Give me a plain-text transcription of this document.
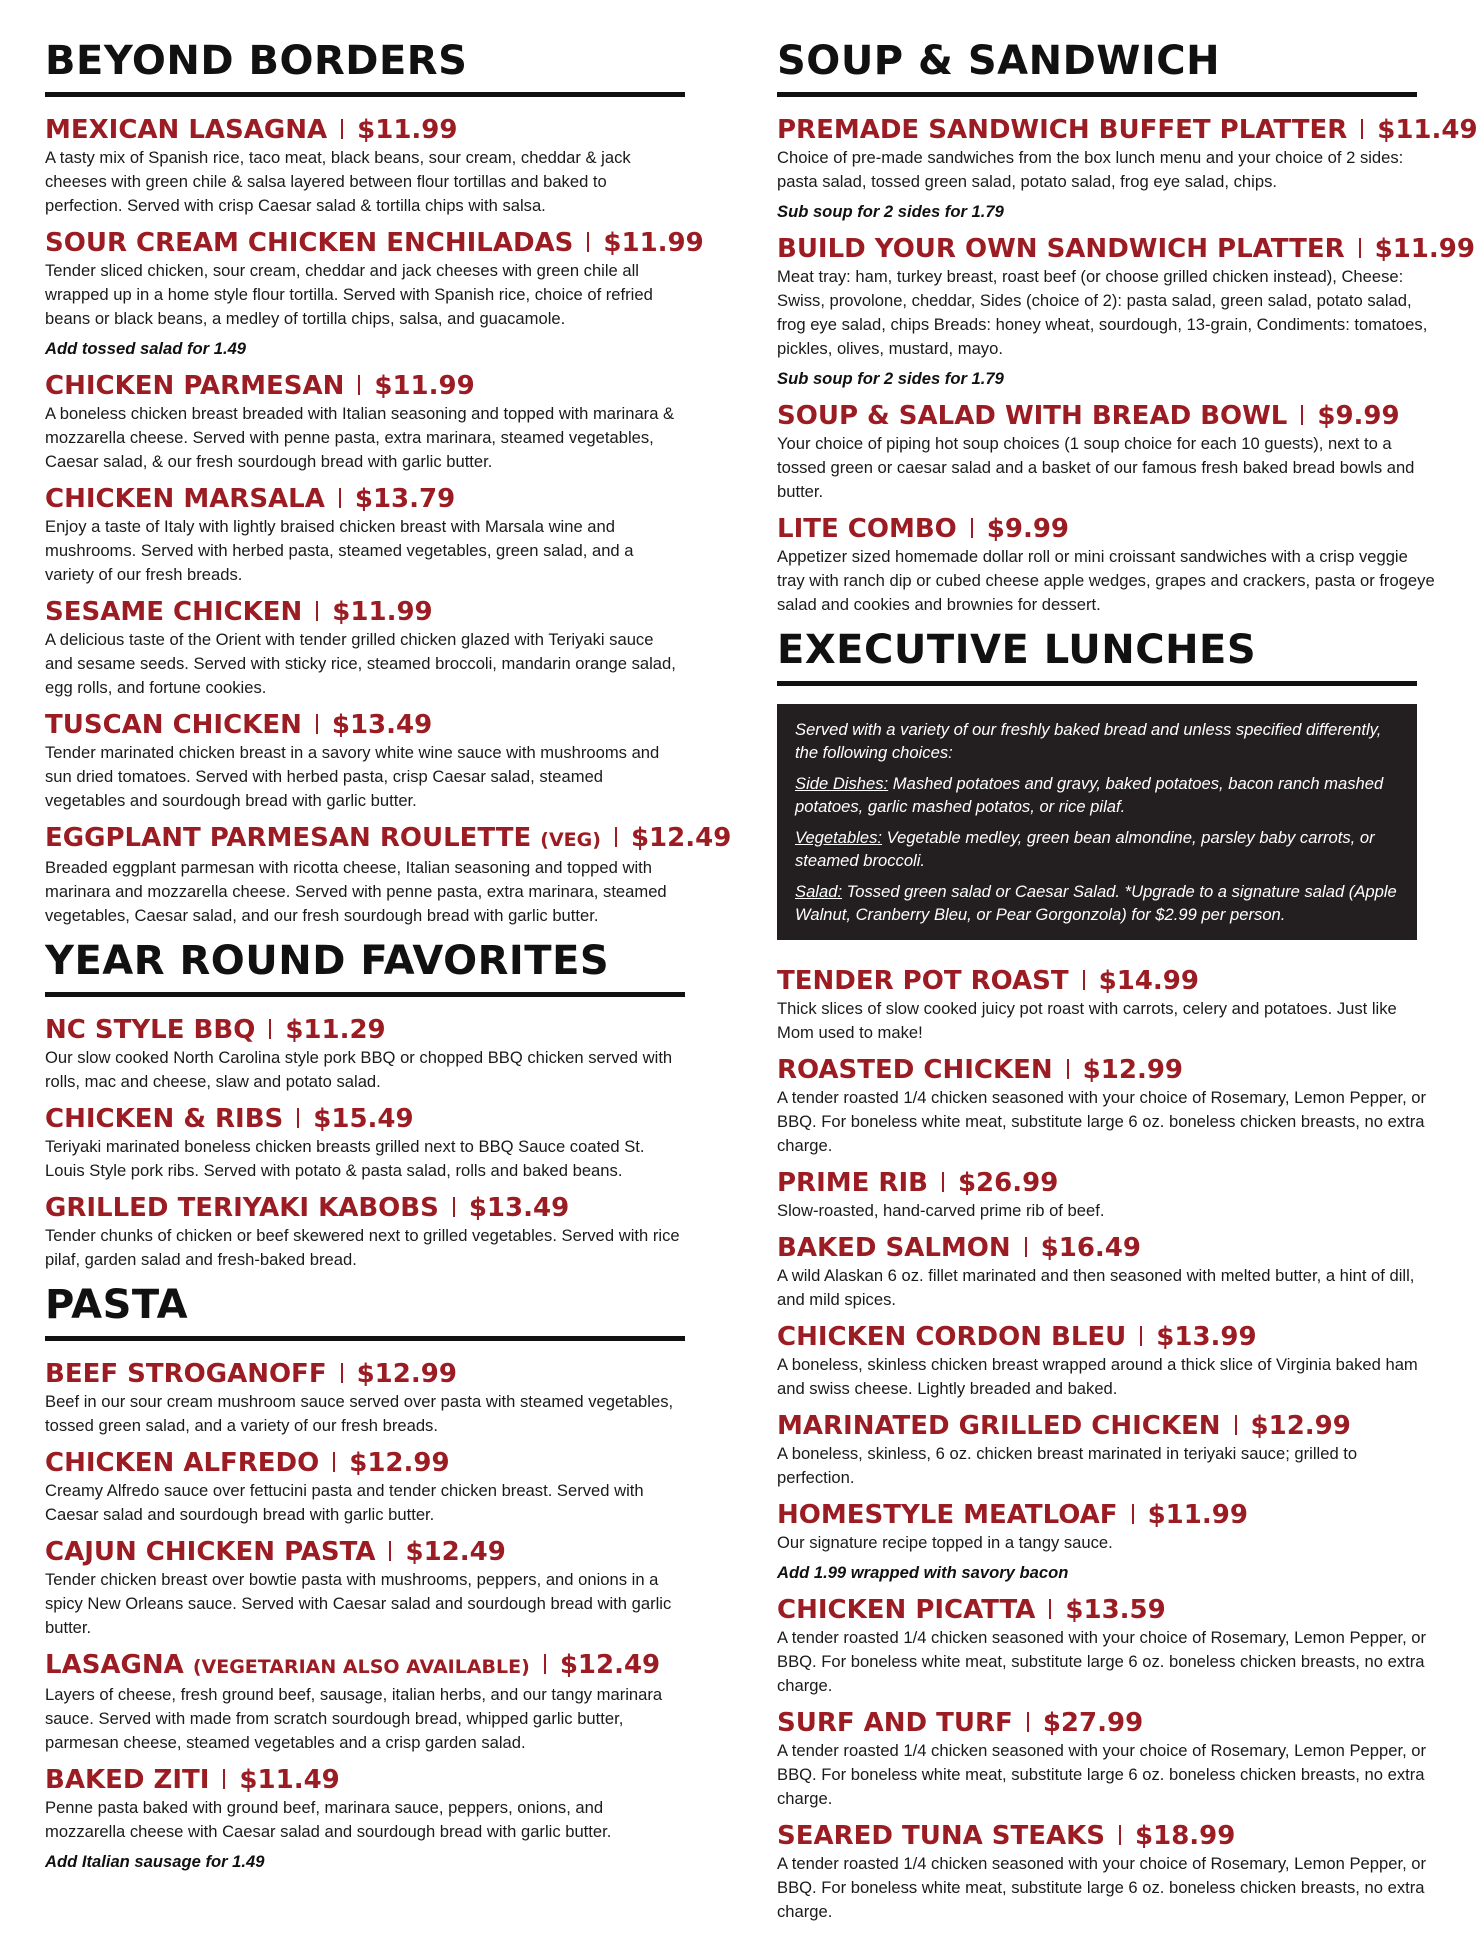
BEYOND BORDERS
MEXICAN LASAGNA $11.99
A tasty mix of Spanish rice, taco meat, black beans, sour cream, cheddar & jack cheeses with green chile & salsa layered between flour tortillas and baked to perfection. Served with crisp Caesar salad & tortilla chips with salsa.
SOUR CREAM CHICKEN ENCHILADAS $11.99
Tender sliced chicken, sour cream, cheddar and jack cheeses with green chile all wrapped up in a home style flour tortilla. Served with Spanish rice, choice of refried beans or black beans, a medley of tortilla chips, salsa, and guacamole.
Add tossed salad for 1.49
CHICKEN PARMESAN $11.99
A boneless chicken breast breaded with Italian seasoning and topped with marinara & mozzarella cheese. Served with penne pasta, extra marinara, steamed vegetables, Caesar salad, & our fresh sourdough bread with garlic butter.
CHICKEN MARSALA $13.79
Enjoy a taste of Italy with lightly braised chicken breast with Marsala wine and mushrooms. Served with herbed pasta, steamed vegetables, green salad, and a variety of our fresh breads.
SESAME CHICKEN $11.99
A delicious taste of the Orient with tender grilled chicken glazed with Teriyaki sauce and sesame seeds. Served with sticky rice, steamed broccoli, mandarin orange salad, egg rolls, and fortune cookies.
TUSCAN CHICKEN $13.49
Tender marinated chicken breast in a savory white wine sauce with mushrooms and sun dried tomatoes. Served with herbed pasta, crisp Caesar salad, steamed vegetables and sourdough bread with garlic butter.
EGGPLANT PARMESAN ROULETTE (VEG) $12.49
Breaded eggplant parmesan with ricotta cheese, Italian seasoning and topped with marinara and mozzarella cheese. Served with penne pasta, extra marinara, steamed vegetables, Caesar salad, and our fresh sourdough bread with garlic butter.
YEAR ROUND FAVORITES
NC STYLE BBQ $11.29
Our slow cooked North Carolina style pork BBQ or chopped BBQ chicken served with rolls, mac and cheese, slaw and potato salad.
CHICKEN & RIBS $15.49
Teriyaki marinated boneless chicken breasts grilled next to BBQ Sauce coated St. Louis Style pork ribs. Served with potato & pasta salad, rolls and baked beans.
GRILLED TERIYAKI KABOBS $13.49
Tender chunks of chicken or beef skewered next to grilled vegetables. Served with rice pilaf, garden salad and fresh-baked bread.
PASTA
BEEF STROGANOFF $12.99
Beef in our sour cream mushroom sauce served over pasta with steamed vegetables, tossed green salad, and a variety of our fresh breads.
CHICKEN ALFREDO $12.99
Creamy Alfredo sauce over fettucini pasta and tender chicken breast. Served with Caesar salad and sourdough bread with garlic butter.
CAJUN CHICKEN PASTA $12.49
Tender chicken breast over bowtie pasta with mushrooms, peppers, and onions in a spicy New Orleans sauce. Served with Caesar salad and sourdough bread with garlic butter.
LASAGNA (VEGETARIAN ALSO AVAILABLE) $12.49
Layers of cheese, fresh ground beef, sausage, italian herbs, and our tangy marinara sauce. Served with made from scratch sourdough bread, whipped garlic butter, parmesan cheese, steamed vegetables and a crisp garden salad.
BAKED ZITI $11.49
Penne pasta baked with ground beef, marinara sauce, peppers, onions, and mozzarella cheese with Caesar salad and sourdough bread with garlic butter.
Add Italian sausage for 1.49
SOUP & SANDWICH
PREMADE SANDWICH BUFFET PLATTER $11.49
Choice of pre-made sandwiches from the box lunch menu and your choice of 2 sides: pasta salad, tossed green salad, potato salad, frog eye salad, chips.
Sub soup for 2 sides for 1.79
BUILD YOUR OWN SANDWICH PLATTER $11.99
Meat tray: ham, turkey breast, roast beef (or choose grilled chicken instead), Cheese: Swiss, provolone, cheddar, Sides (choice of 2): pasta salad, green salad, potato salad, frog eye salad, chips Breads: honey wheat, sourdough, 13-grain, Condiments: tomatoes, pickles, olives, mustard, mayo.
Sub soup for 2 sides for 1.79
SOUP & SALAD WITH BREAD BOWL $9.99
Your choice of piping hot soup choices (1 soup choice for each 10 guests), next to a tossed green or caesar salad and a basket of our famous fresh baked bread bowls and butter.
LITE COMBO $9.99
Appetizer sized homemade dollar roll or mini croissant sandwiches with a crisp veggie tray with ranch dip or cubed cheese apple wedges, grapes and crackers, pasta or frogeye salad and cookies and brownies for dessert.
EXECUTIVE LUNCHES

Served with a variety of our freshly baked bread and unless specified differently, the following choices:

Side Dishes: Mashed potatoes and gravy, baked potatoes, bacon ranch mashed potatoes, garlic mashed potatos, or rice pilaf.

Vegetables: Vegetable medley, green bean almondine, parsley baby carrots, or steamed broccoli.

Salad: Tossed green salad or Caesar Salad. *Upgrade to a signature salad (Apple Walnut, Cranberry Bleu, or Pear Gorgonzola) for $2.99 per person.

TENDER POT ROAST $14.99
Thick slices of slow cooked juicy pot roast with carrots, celery and potatoes. Just like Mom used to make!
ROASTED CHICKEN $12.99
A tender roasted 1/4 chicken seasoned with your choice of Rosemary, Lemon Pepper, or BBQ. For boneless white meat, substitute large 6 oz. boneless chicken breasts, no extra charge.
PRIME RIB $26.99
Slow-roasted, hand-carved prime rib of beef.
BAKED SALMON $16.49
A wild Alaskan 6 oz. fillet marinated and then seasoned with melted butter, a hint of dill, and mild spices.
CHICKEN CORDON BLEU $13.99
A boneless, skinless chicken breast wrapped around a thick slice of Virginia baked ham and swiss cheese. Lightly breaded and baked.
MARINATED GRILLED CHICKEN $12.99
A boneless, skinless, 6 oz. chicken breast marinated in teriyaki sauce; grilled to perfection.
HOMESTYLE MEATLOAF $11.99
Our signature recipe topped in a tangy sauce.
Add 1.99 wrapped with savory bacon
CHICKEN PICATTA $13.59
A tender roasted 1/4 chicken seasoned with your choice of Rosemary, Lemon Pepper, or BBQ. For boneless white meat, substitute large 6 oz. boneless chicken breasts, no extra charge.
SURF AND TURF $27.99
A tender roasted 1/4 chicken seasoned with your choice of Rosemary, Lemon Pepper, or BBQ. For boneless white meat, substitute large 6 oz. boneless chicken breasts, no extra charge.
SEARED TUNA STEAKS $18.99
A tender roasted 1/4 chicken seasoned with your choice of Rosemary, Lemon Pepper, or BBQ. For boneless white meat, substitute large 6 oz. boneless chicken breasts, no extra charge.
